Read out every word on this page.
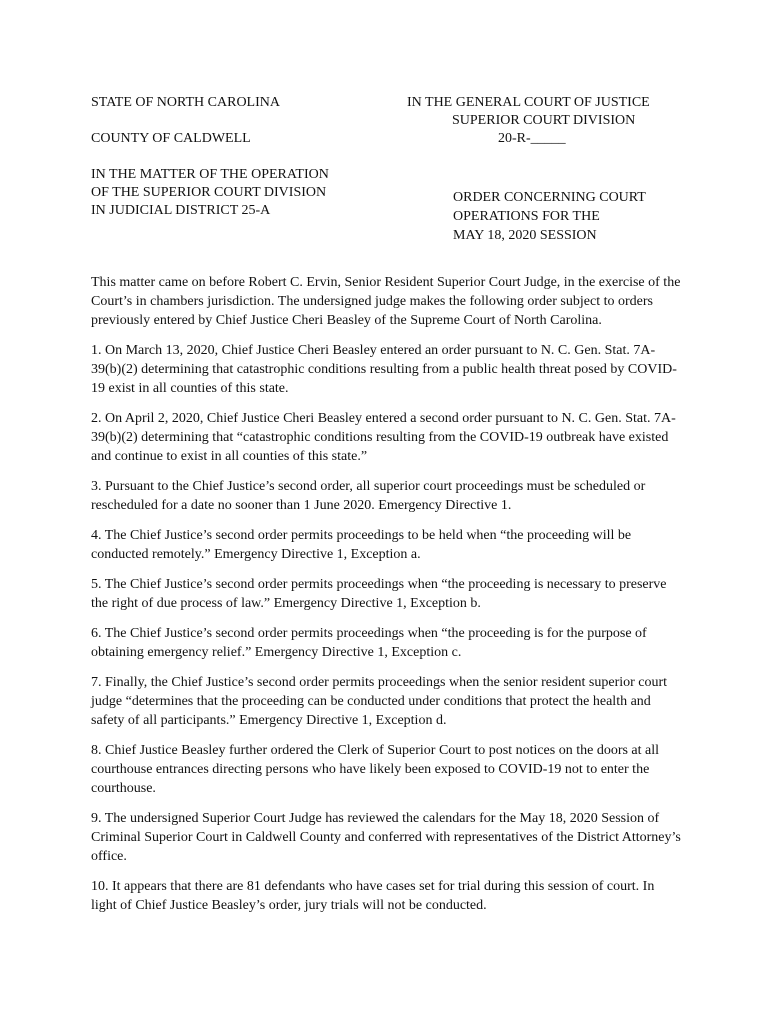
STATE OF NORTH CAROLINA
COUNTY OF CALDWELL
IN THE MATTER OF THE OPERATION
OF THE SUPERIOR COURT DIVISION
IN JUDICIAL DISTRICT 25-A
IN THE GENERAL COURT OF JUSTICE
SUPERIOR COURT DIVISION
20-R-_____
ORDER CONCERNING COURT
OPERATIONS FOR THE
MAY 18, 2020 SESSION

This matter came on before Robert C. Ervin, Senior Resident Superior Court Judge, in the exercise of the Court’s in chambers jurisdiction. The undersigned judge makes the following order subject to orders previously entered by Chief Justice Cheri Beasley of the Supreme Court of North Carolina.

1. On March 13, 2020, Chief Justice Cheri Beasley entered an order pursuant to N. C. Gen. Stat. 7A-39(b)(2) determining that catastrophic conditions resulting from a public health threat posed by COVID-19 exist in all counties of this state.

2. On April 2, 2020, Chief Justice Cheri Beasley entered a second order pursuant to N. C. Gen. Stat. 7A-39(b)(2) determining that “catastrophic conditions resulting from the COVID-19 outbreak have existed and continue to exist in all counties of this state.”

3. Pursuant to the Chief Justice’s second order, all superior court proceedings must be scheduled or rescheduled for a date no sooner than 1 June 2020. Emergency Directive 1.

4. The Chief Justice’s second order permits proceedings to be held when “the proceeding will be conducted remotely.” Emergency Directive 1, Exception a.

5. The Chief Justice’s second order permits proceedings when “the proceeding is necessary to preserve the right of due process of law.” Emergency Directive 1, Exception b.

6. The Chief Justice’s second order permits proceedings when “the proceeding is for the purpose of obtaining emergency relief.” Emergency Directive 1, Exception c.

7. Finally, the Chief Justice’s second order permits proceedings when the senior resident superior court judge “determines that the proceeding can be conducted under conditions that protect the health and safety of all participants.” Emergency Directive 1, Exception d.

8. Chief Justice Beasley further ordered the Clerk of Superior Court to post notices on the doors at all courthouse entrances directing persons who have likely been exposed to COVID-19 not to enter the courthouse.

9. The undersigned Superior Court Judge has reviewed the calendars for the May 18, 2020 Session of Criminal Superior Court in Caldwell County and conferred with representatives of the District Attorney’s office.

10. It appears that there are 81 defendants who have cases set for trial during this session of court. In light of Chief Justice Beasley’s order, jury trials will not be conducted.
